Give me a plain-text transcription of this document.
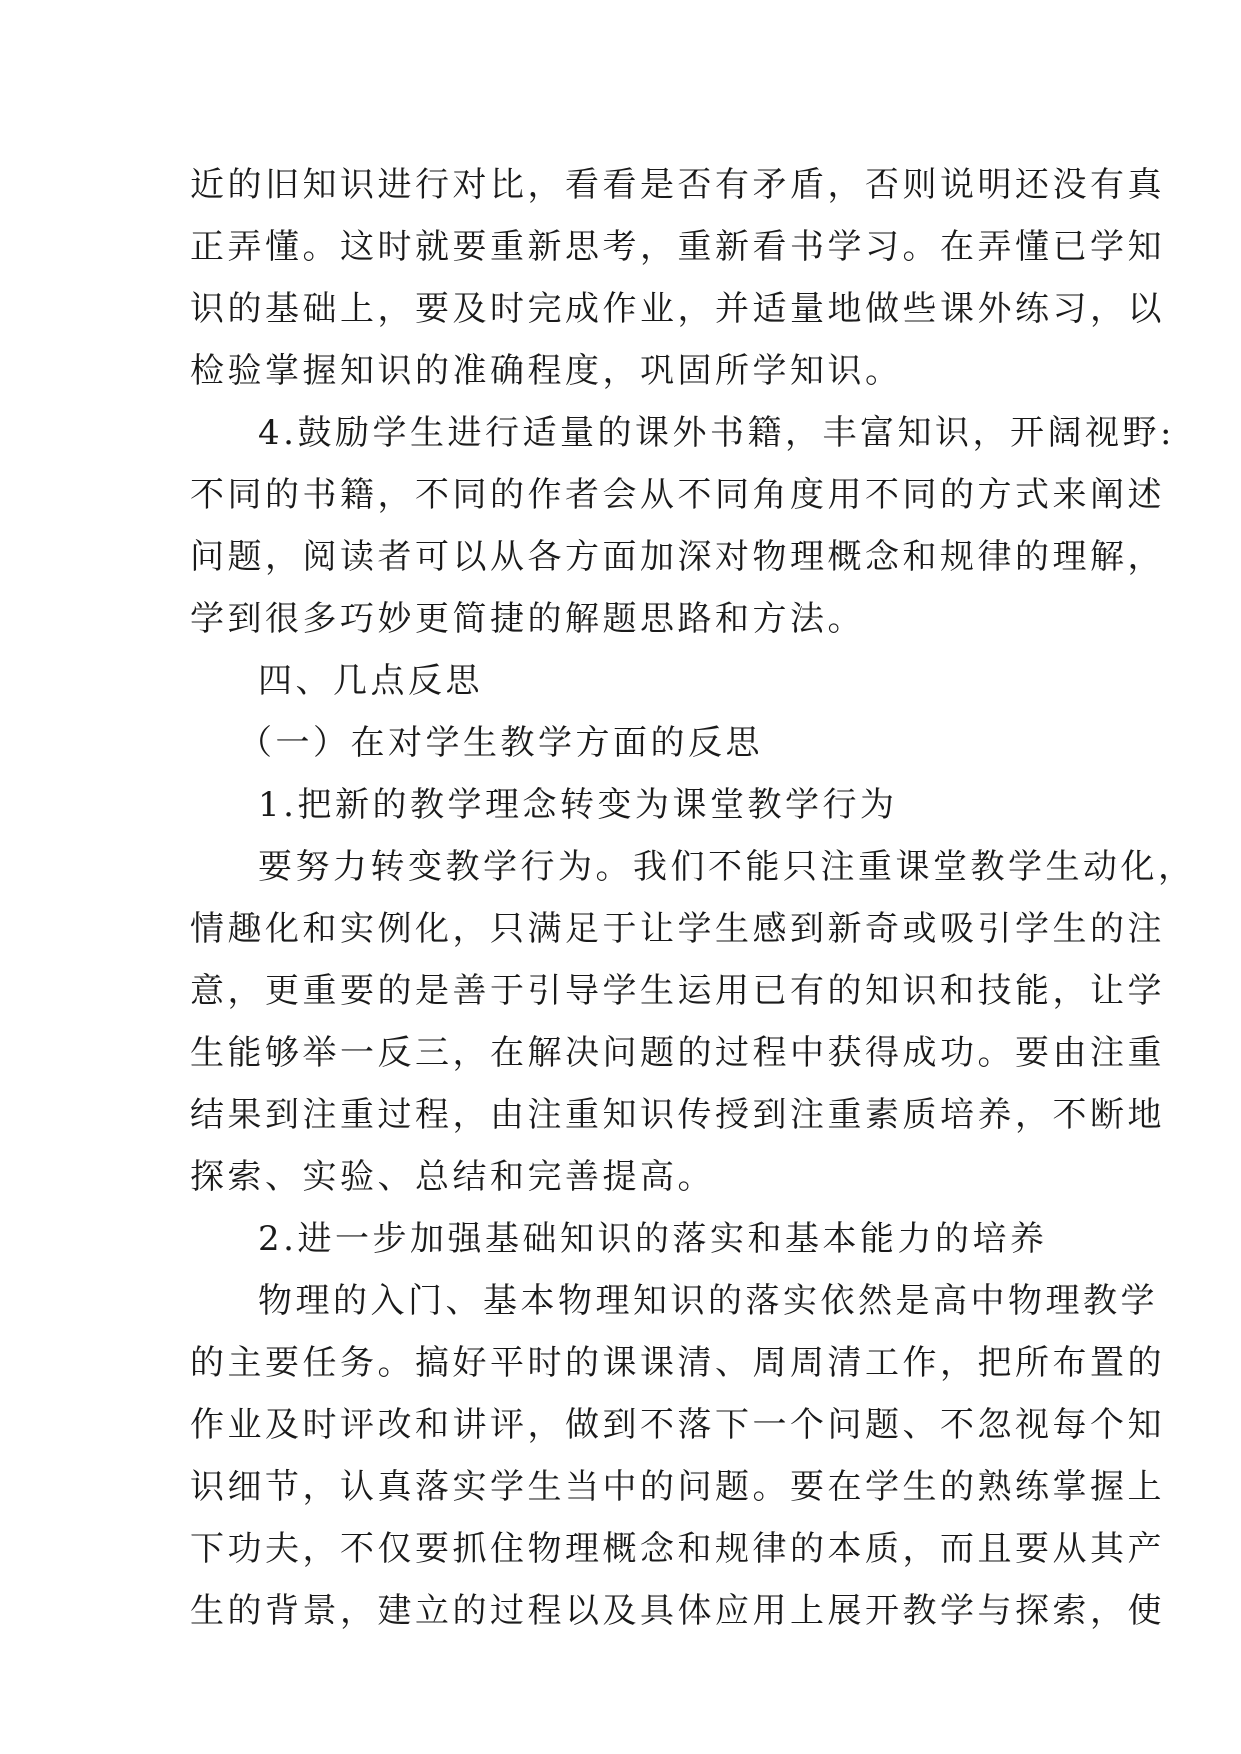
近的旧知识进行对比，看看是否有矛盾，否则说明还没有真
正弄懂。这时就要重新思考，重新看书学习。在弄懂已学知
识的基础上，要及时完成作业，并适量地做些课外练习，以
检验掌握知识的准确程度，巩固所学知识。
4.鼓励学生进行适量的课外书籍，丰富知识，开阔视野:
不同的书籍，不同的作者会从不同角度用不同的方式来阐述
问题，阅读者可以从各方面加深对物理概念和规律的理解，
学到很多巧妙更简捷的解题思路和方法。
四、几点反思
（一）在对学生教学方面的反思
1.把新的教学理念转变为课堂教学行为
要努力转变教学行为。我们不能只注重课堂教学生动化，
情趣化和实例化，只满足于让学生感到新奇或吸引学生的注
意，更重要的是善于引导学生运用已有的知识和技能，让学
生能够举一反三，在解决问题的过程中获得成功。要由注重
结果到注重过程，由注重知识传授到注重素质培养，不断地
探索、实验、总结和完善提高。
2.进一步加强基础知识的落实和基本能力的培养
物理的入门、基本物理知识的落实依然是高中物理教学
的主要任务。搞好平时的课课清、周周清工作，把所布置的
作业及时评改和讲评，做到不落下一个问题、不忽视每个知
识细节，认真落实学生当中的问题。要在学生的熟练掌握上
下功夫，不仅要抓住物理概念和规律的本质，而且要从其产
生的背景，建立的过程以及具体应用上展开教学与探索，使
